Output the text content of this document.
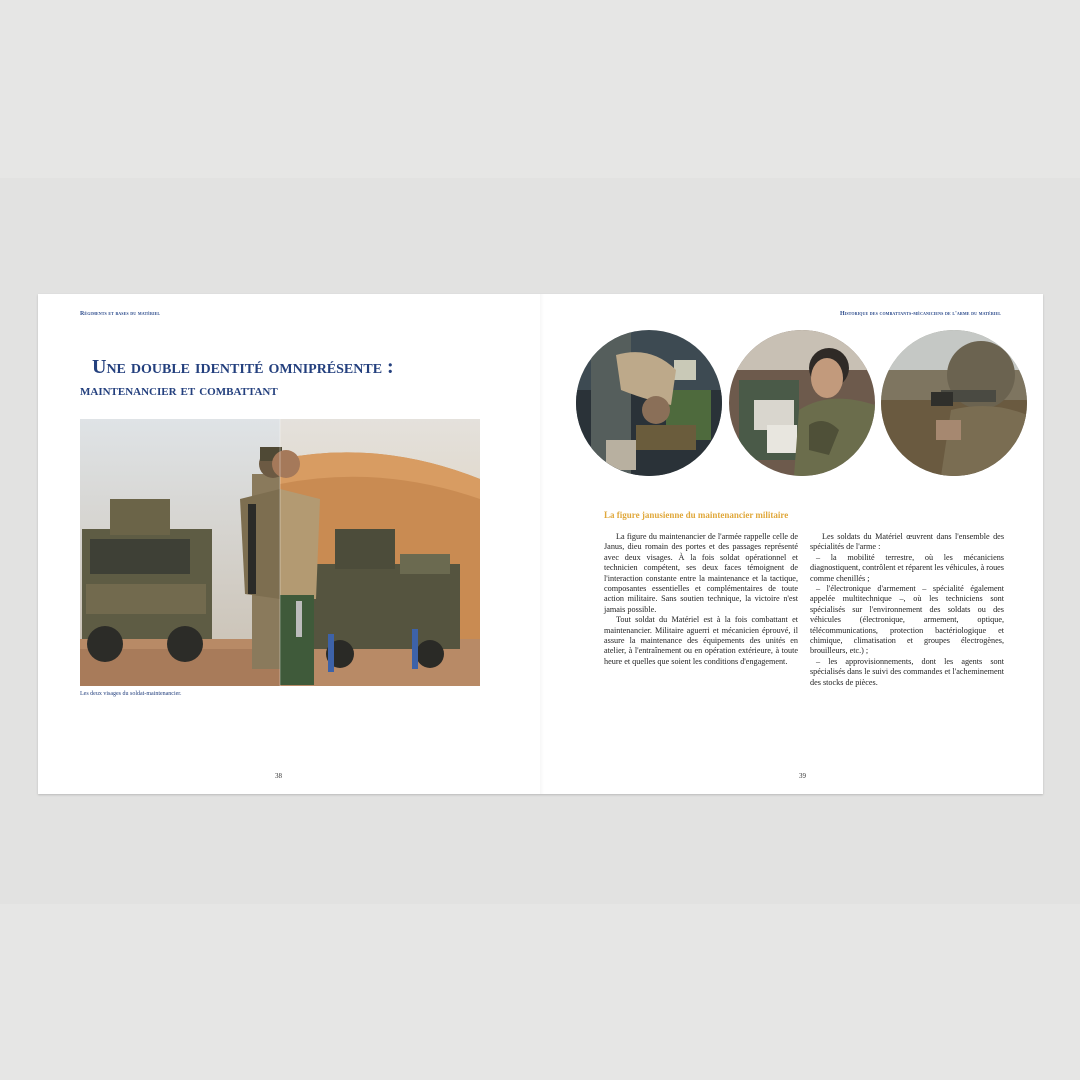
Régiments et bases du matériel	Historique des combattants-mécaniciens de l'arme du matériel
Une double identité omniprésente :
maintenancier et combattant
Les deux visages du soldat-maintenancier.
38	39
La figure janusienne du maintenancier militaire

La figure du maintenancier de l'armée rappelle celle de Janus, dieu romain des portes et des passages représenté avec deux visages. À la fois soldat opérationnel et technicien compétent, ses deux faces témoignent de l'interaction constante entre la maintenance et la tactique, composantes essentielles et complémentaires de toute action militaire. Sans soutien technique, la victoire n'est jamais possible.

Tout soldat du Matériel est à la fois combattant et maintenancier. Militaire aguerri et mécanicien éprouvé, il assure la maintenance des équipements des unités en atelier, à l'entraînement ou en opération extérieure, à toute heure et quelles que soient les conditions d'engagement.

Les soldats du Matériel œuvrent dans l'ensemble des spécialités de l'arme :

– la mobilité terrestre, où les mécaniciens diagnostiquent, contrôlent et réparent les véhicules, à roues comme chenillés ;

– l'électronique d'armement – spécialité également appelée multitechnique –, où les techniciens sont spécialisés sur l'environnement des soldats ou des véhicules (électronique, armement, optique, télécommunications, protection bactériologique et chimique, climatisation et groupes électrogènes, brouilleurs, etc.) ;

– les approvisionnements, dont les agents sont spécialisés dans le suivi des commandes et l'acheminement des stocks de pièces.
